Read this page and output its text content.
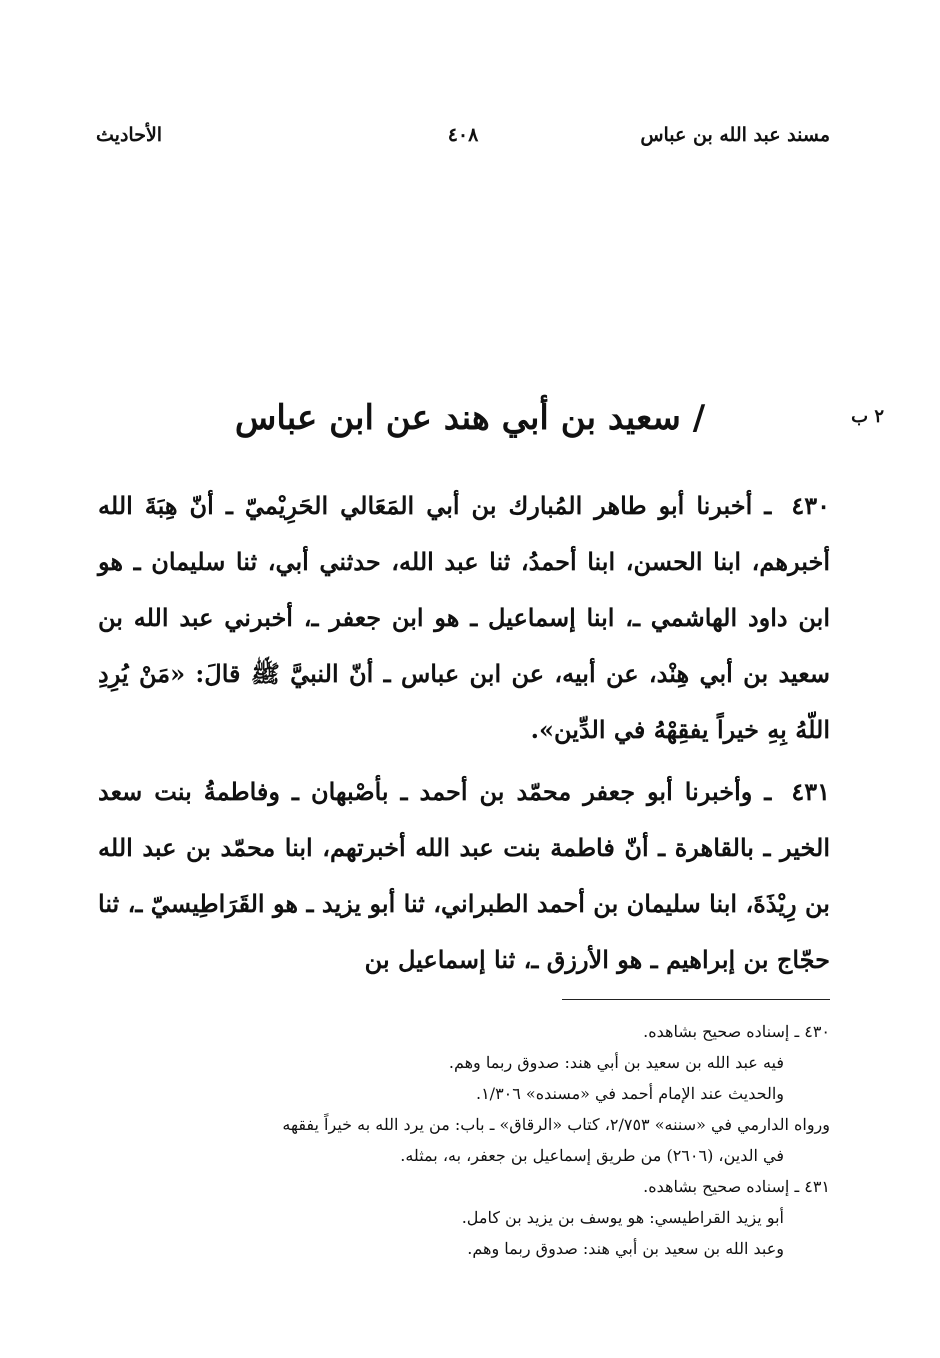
مسند عبد الله بن عباس
٤٠٨
الأحاديث
٢ ب
/ سعيد بن أبي هند عن ابن عباس

٤٣٠ ـ أخبرنا أبو طاهر المُبارك بن أبي المَعَالي الحَرِيْميّ ـ أنّ هِبَةَ الله أخبرهم، ابنا الحسن، ابنا أحمدُ، ثنا عبد الله، حدثني أبي، ثنا سليمان ـ هو ابن داود الهاشمي ـ، ابنا إسماعيل ـ هو ابن جعفر ـ، أخبرني عبد الله بن سعيد بن أبي هِنْد، عن أبيه، عن ابن عباس ـ أنّ النبيَّ ﷺ قالَ: «مَنْ يُرِدِ اللّهُ بِهِ خيراً يفقِهْهُ في الدِّين».

٤٣١ ـ وأخبرنا أبو جعفر محمّد بن أحمد ـ بأصْبهان ـ وفاطمةُ بنت سعد الخير ـ بالقاهرة ـ أنّ فاطمة بنت عبد الله أخبرتهم، ابنا محمّد بن عبد الله بن رِيْذَةَ، ابنا سليمان بن أحمد الطبراني، ثنا أبو يزيد ـ هو القَرَاطِيسيّ ـ، ثنا حجّاج بن إبراهيم ـ هو الأرزق ـ، ثنا إسماعيل بن

٤٣٠ ـ إسناده صحيح بشاهده.
فيه عبد الله بن سعيد بن أبي هند: صدوق ربما وهم.
والحديث عند الإمام أحمد في «مسنده» ١/٣٠٦.
ورواه الدارمي في «سننه» ٢/٧٥٣، كتاب «الرقاق» ـ باب: من يرد الله به خيراً يفقهه
في الدين، (٢٦٠٦) من طريق إسماعيل بن جعفر، به، بمثله.
٤٣١ ـ إسناده صحيح بشاهده.
أبو يزيد القراطيسي: هو يوسف بن يزيد بن كامل.
وعبد الله بن سعيد بن أبي هند: صدوق ربما وهم.
